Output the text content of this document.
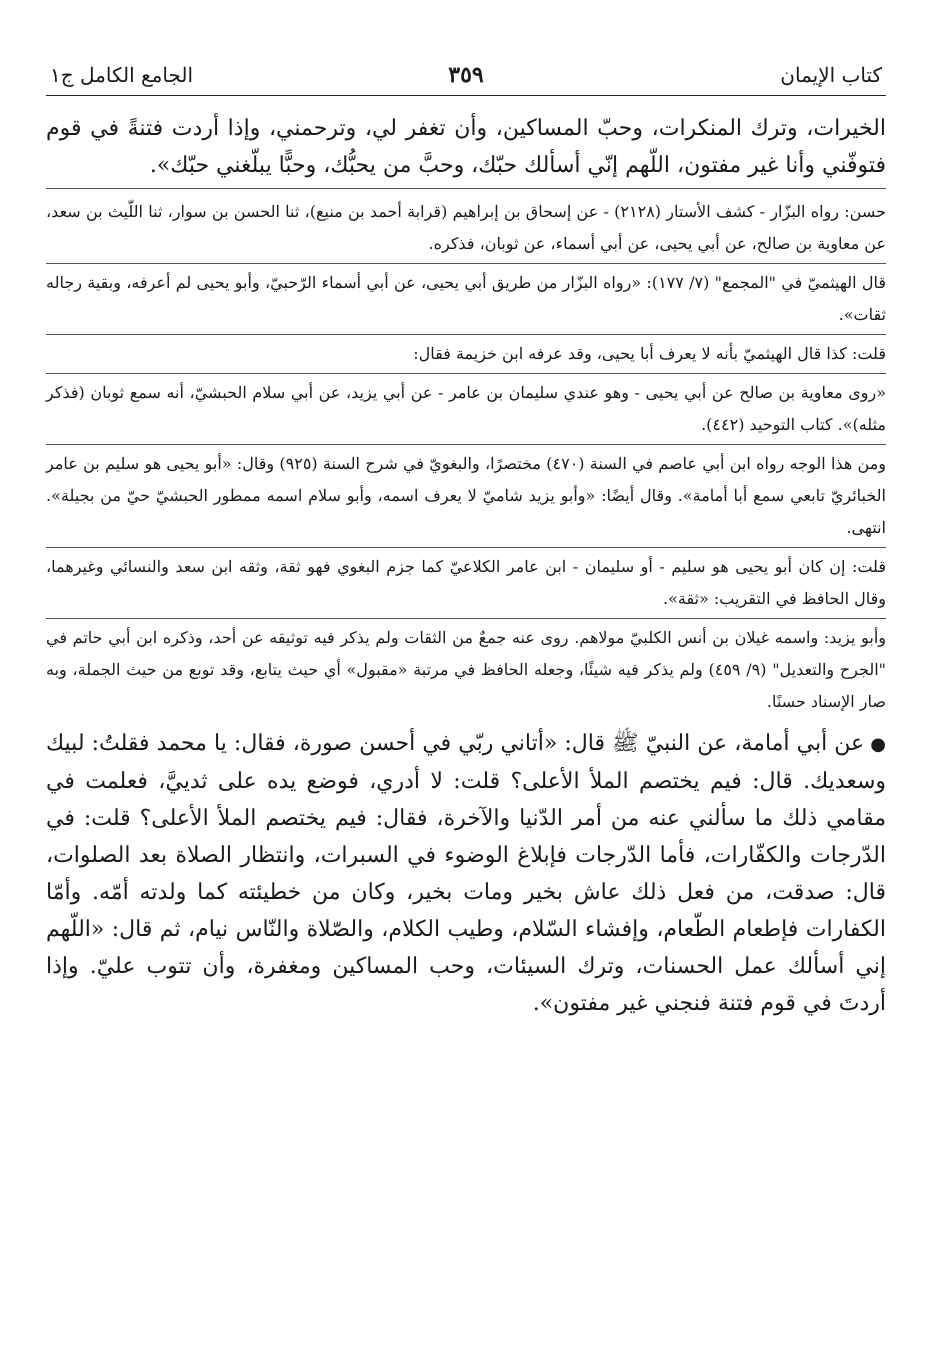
كتاب الإيمان
٣٥٩
الجامع الكامل ج١

الخيرات، وترك المنكرات، وحبّ المساكين، وأن تغفر لي، وترحمني، وإذا أردت فتنةً في قوم فتوفّني وأنا غير مفتون، اللّهم إنّي أسألك حبّك، وحبَّ من يحبُّك، وحبًّا يبلّغني حبّك».

حسن: رواه البزّار - كشف الأستار (٢١٢٨) - عن إسحاق بن إبراهيم (قرابة أحمد بن منيع)، ثنا الحسن بن سوار، ثنا اللّيث بن سعد، عن معاوية بن صالح، عن أبي يحيى، عن أبي أسماء، عن ثوبان، فذكره.

قال الهيثميّ في "المجمع" (٧/ ١٧٧): «رواه البزّار من طريق أبي يحيى، عن أبي أسماء الرّحبيّ، وأبو يحيى لم أعرفه، وبقية رجاله ثقات».

قلت: كذا قال الهيثميّ بأنه لا يعرف أبا يحيى، وقد عرفه ابن خزيمة فقال:

«روى معاوية بن صالح عن أبي يحيى - وهو عندي سليمان بن عامر - عن أبي يزيد، عن أبي سلام الحبشيّ، أنه سمع ثوبان (فذكر مثله)». كتاب التوحيد (٤٤٢).

ومن هذا الوجه رواه ابن أبي عاصم في السنة (٤٧٠) مختصرًا، والبغويّ في شرح السنة (٩٢٥) وقال: «أبو يحيى هو سليم بن عامر الخبائريّ تابعي سمع أبا أمامة». وقال أيضًا: «وأبو يزيد شاميّ لا يعرف اسمه، وأبو سلام اسمه ممطور الحبشيّ حيّ من بجيلة». انتهى.

قلت: إن كان أبو يحيى هو سليم - أو سليمان - ابن عامر الكلاعيّ كما جزم البغوي فهو ثقة، وثقه ابن سعد والنسائي وغيرهما، وقال الحافظ في التقريب: «ثقة».

وأبو يزيد: واسمه غيلان بن أنس الكلبيّ مولاهم. روى عنه جمعٌ من الثقات ولم يذكر فيه توثيقه عن أحد، وذكره ابن أبي حاتم في "الجرح والتعديل" (٩/ ٤٥٩) ولم يذكر فيه شيئًا، وجعله الحافظ في مرتبة «مقبول» أي حيث يتابع، وقد توبع من حيث الجملة، وبه صار الإسناد حسنًا.

●عن أبي أمامة، عن النبيّ ﷺ قال: «أتاني ربّي في أحسن صورة، فقال: يا محمد فقلتُ: لبيك وسعديك. قال: فيم يختصم الملأ الأعلى؟ قلت: لا أدري، فوضع يده على ثدييَّ، فعلمت في مقامي ذلك ما سألني عنه من أمر الدّنيا والآخرة، فقال: فيم يختصم الملأ الأعلى؟ قلت: في الدّرجات والكفّارات، فأما الدّرجات فإبلاغ الوضوء في السبرات، وانتظار الصلاة بعد الصلوات، قال: صدقت، من فعل ذلك عاش بخير ومات بخير، وكان من خطيئته كما ولدته أمّه. وأمّا الكفارات فإطعام الطّعام، وإفشاء السّلام، وطيب الكلام، والصّلاة والنّاس نيام، ثم قال: «اللّهم إني أسألك عمل الحسنات، وترك السيئات، وحب المساكين ومغفرة، وأن تتوب عليّ. وإذا أردتَ في قوم فتنة فنجني غير مفتون».
